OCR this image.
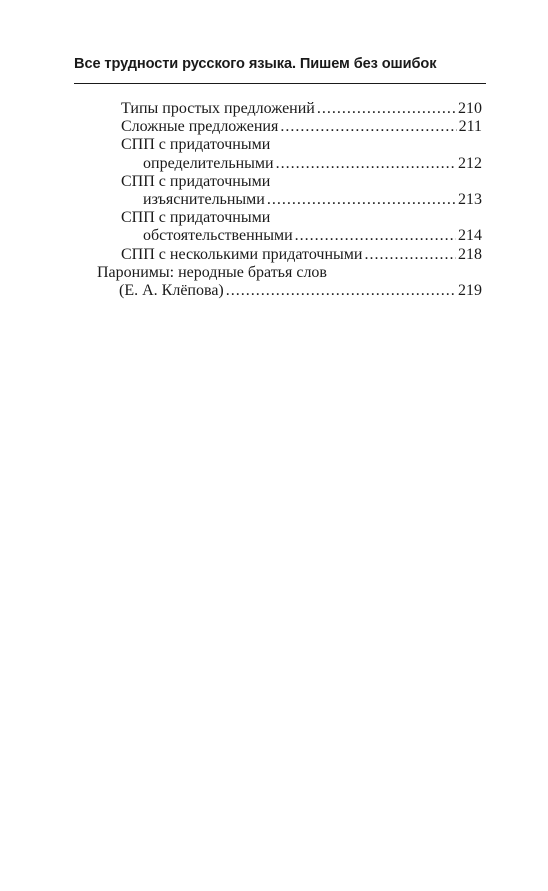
Все трудности русского языка. Пишем без ошибок
Типы простых предложений .....	210
Сложные предложения .....	211
СПП с придаточными
определительными .....	212
СПП с придаточными
изъяснительными .....	213
СПП с придаточными
обстоятельственными .....	214
СПП с несколькими придаточными .....	218
Паронимы: неродные братья слов
(Е. А. Клёпова) .....	219
